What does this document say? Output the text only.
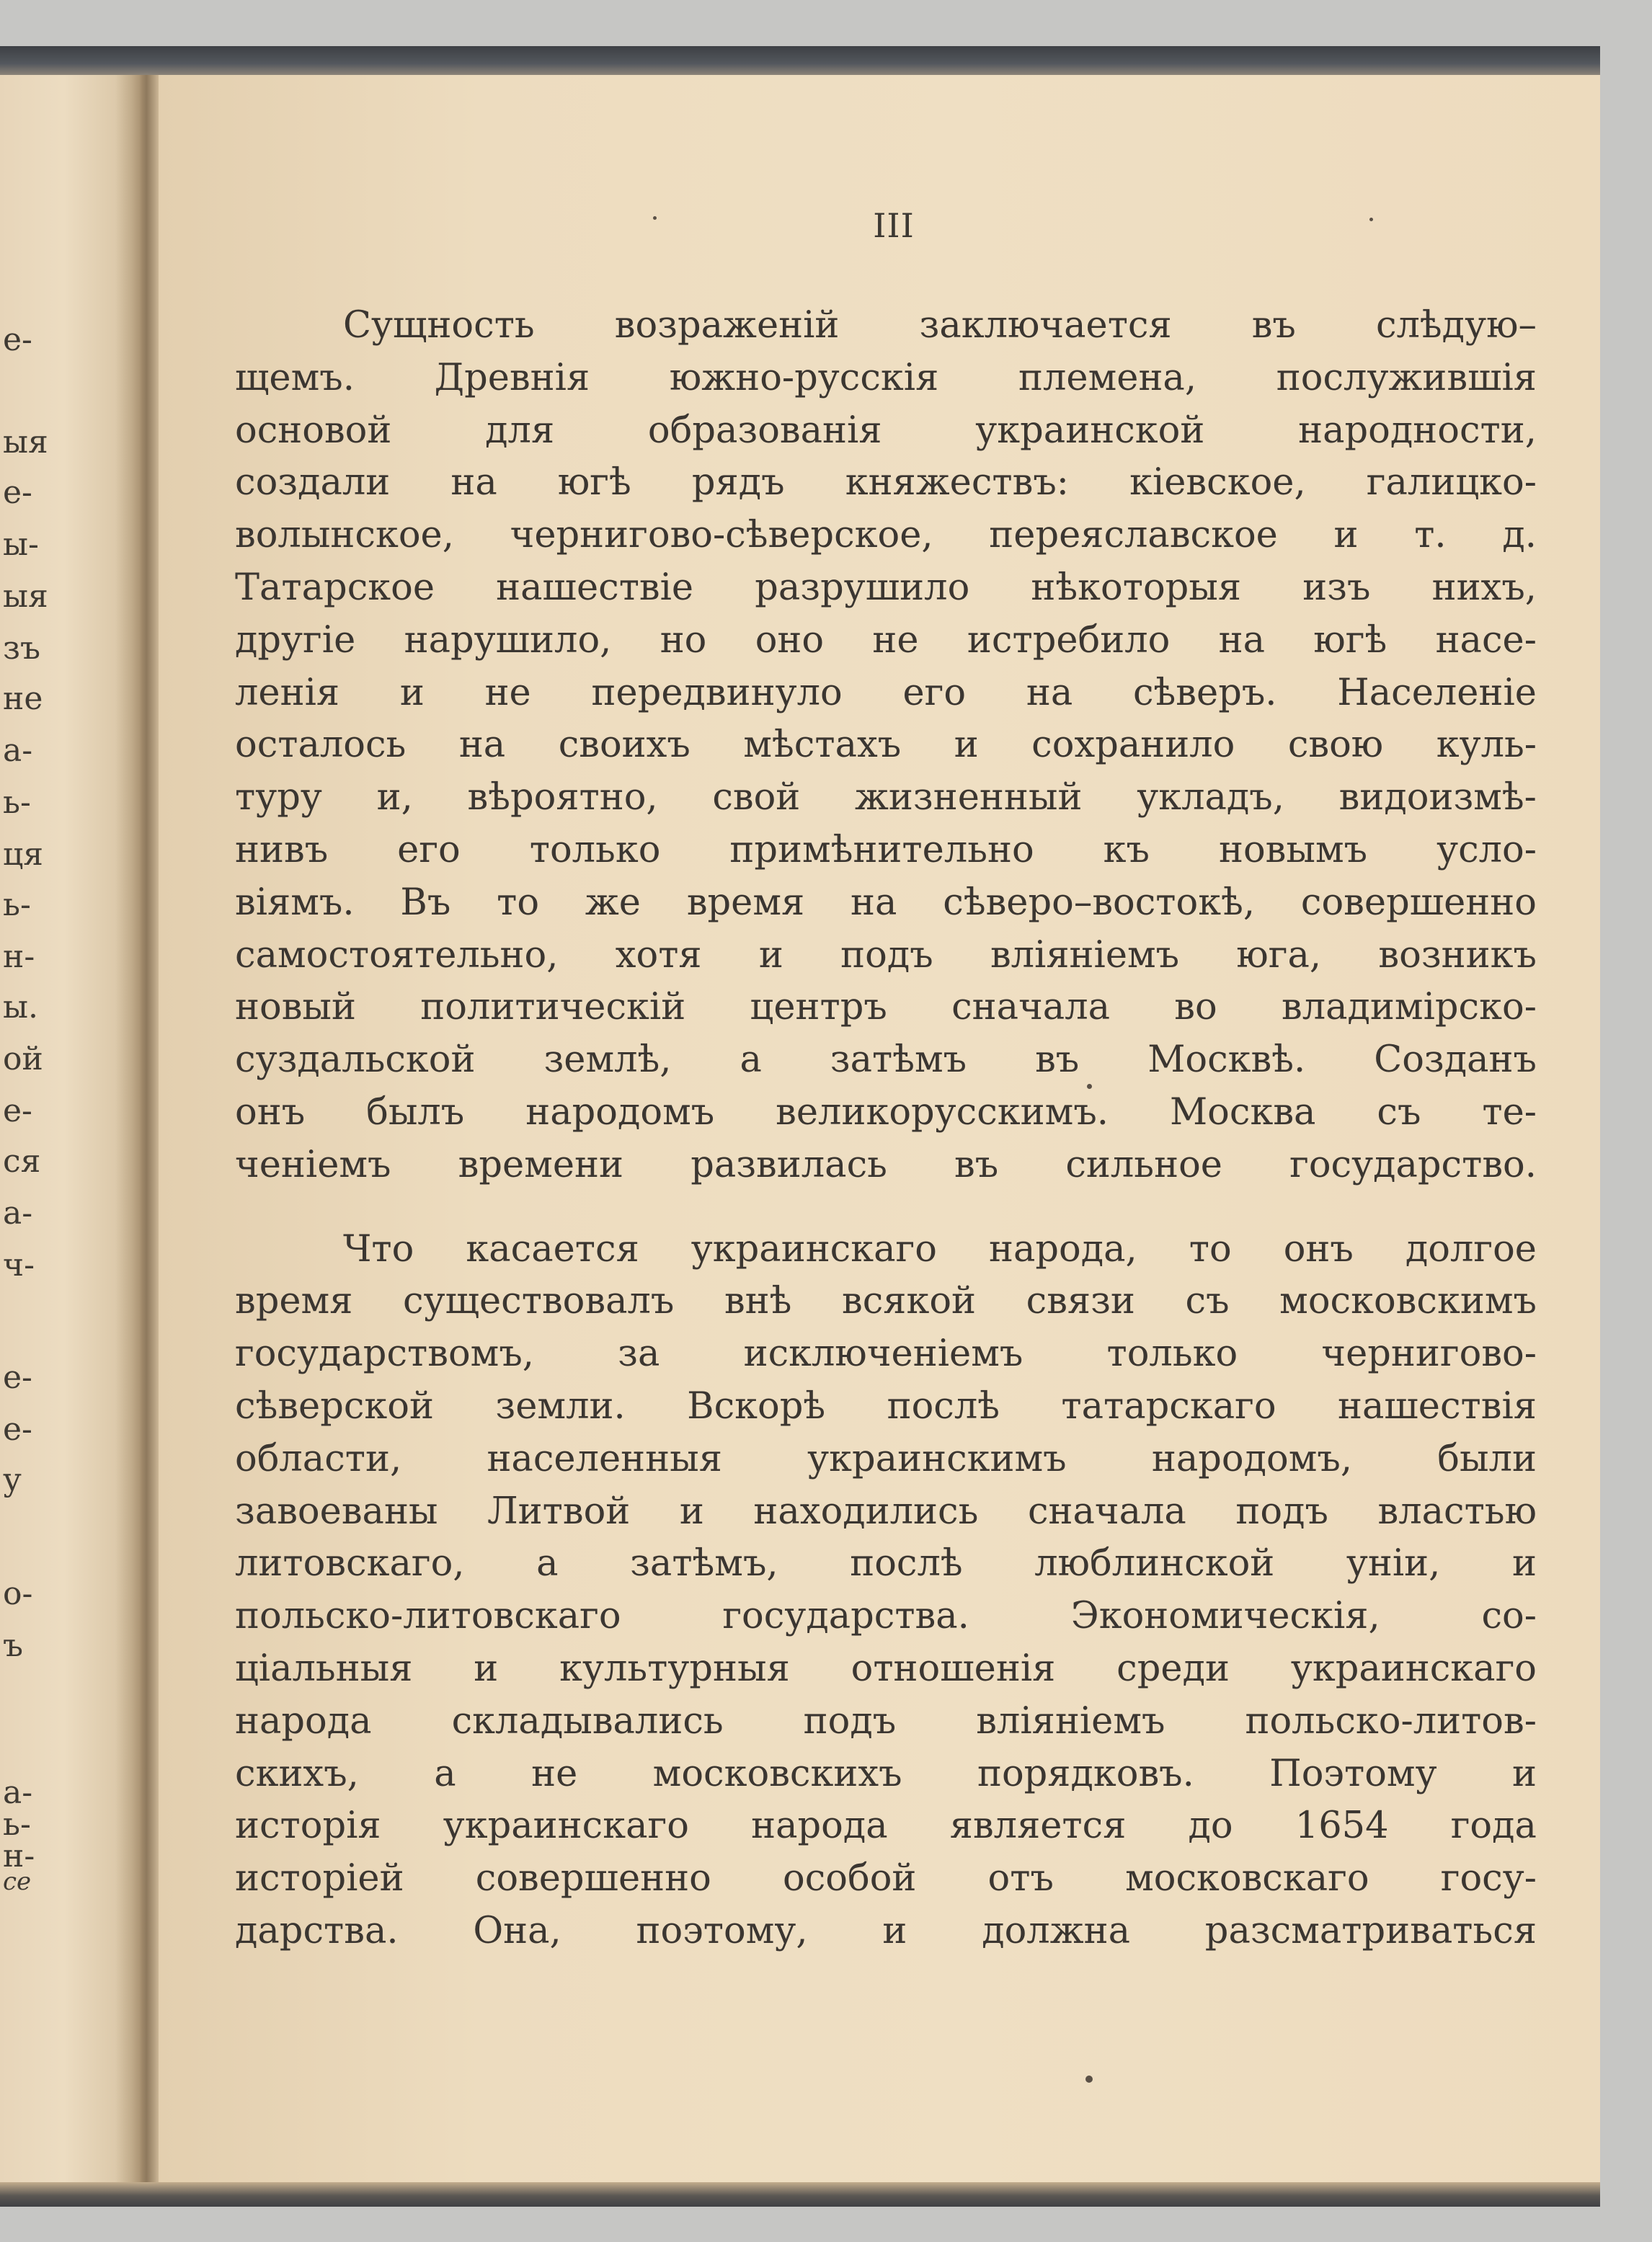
е-
ыя
е-
ы-
ыя
зъ
не
а-
ь-
ця
ь-
н-
ы.
ой
е-
ся
а-
ч-
е-
е-
у
о-
ъ
а-
ь-
н-
се
III
Сущность возраженій заключается въ слѣдую–
щемъ. Древнія южно-русскія племена, послужившія
основой	для	образованія	украинской	народности,
создали на югѣ рядъ княжествъ: кіевское, галицко-
волынское, черниговo-сѣверское, переяславское и т. д.
Татарское нашествіе разрушило нѣкоторыя изъ нихъ,
другіе нарушило, но оно не истребило на югѣ насе-
ленія и не передвинуло его на сѣверъ. Населеніе
осталось на своихъ мѣстахъ и сохранило свою куль-
туру и, вѣроятно, свой жизненный укладъ, видоизмѣ-
нивъ его только примѣнительно къ новымъ усло-
віямъ. Въ то же время на сѣверо–востокѣ, совершенно
самостоятельно, хотя и подъ вліяніемъ юга, возникъ
новый политическій центръ сначала во владимірско-
суздальской землѣ, а затѣмъ въ Москвѣ. Созданъ
онъ былъ народомъ великорусскимъ. Москва съ те-
ченіемъ времени развилась въ сильное государство.
Что касается украинскаго народа, то онъ долгое
время существовалъ внѣ всякой связи съ московскимъ
государствомъ, за исключеніемъ только черниговo-
сѣверской земли. Вскорѣ послѣ татарскаго нашествія
области, населенныя украинскимъ народомъ, были
завоеваны Литвой и находились сначала подъ властью
литовскаго, а затѣмъ, послѣ люблинской уніи, и
польско-литовскаго	государства.	Экономическія,	со-
ціальныя и культурныя отношенія среди украинскаго
народа складывались подъ вліяніемъ польско-литов-
скихъ, а не московскихъ порядковъ. Поэтому и
исторія украинскаго народа является до 1654 года
исторіей совершенно особой отъ московскаго госу-
дарства. Она, поэтому, и должна разсматриваться
